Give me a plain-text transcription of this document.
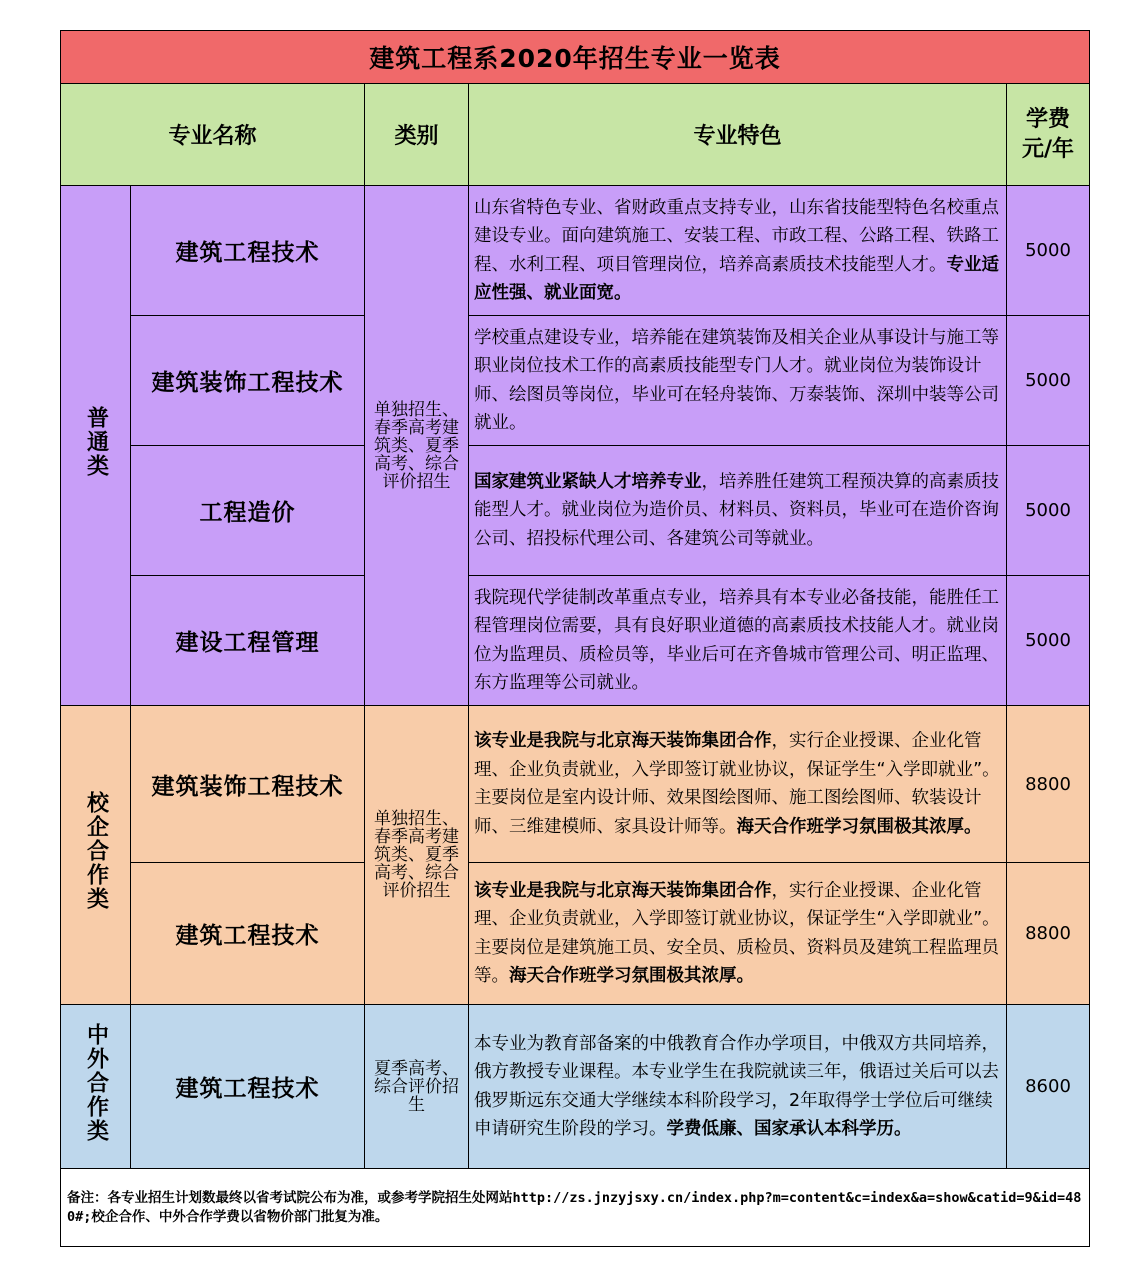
建筑工程系2020年招生专业一览表				
专业名称		类别	专业特色	学费
元/年
普通类	建筑工程技术	单独招生、春季高考建筑类、夏季高考、综合评价招生	山东省特色专业、省财政重点支持专业，山东省技能型特色名校重点建设专业。面向建筑施工、安装工程、市政工程、公路工程、铁路工程、水利工程、项目管理岗位，培养高素质技术技能型人才。专业适应性强、就业面宽。	5000
	建筑装饰工程技术		学校重点建设专业，培养能在建筑装饰及相关企业从事设计与施工等职业岗位技术工作的高素质技能型专门人才。就业岗位为装饰设计师、绘图员等岗位，毕业可在轻舟装饰、万泰装饰、深圳中装等公司就业。	5000
	工程造价		国家建筑业紧缺人才培养专业，培养胜任建筑工程预决算的高素质技能型人才。就业岗位为造价员、材料员、资料员，毕业可在造价咨询公司、招投标代理公司、各建筑公司等就业。	5000
	建设工程管理		我院现代学徒制改革重点专业，培养具有本专业必备技能，能胜任工程管理岗位需要，具有良好职业道德的高素质技术技能人才。就业岗位为监理员、质检员等，毕业后可在齐鲁城市管理公司、明正监理、东方监理等公司就业。	5000
校企合作类	建筑装饰工程技术	单独招生、春季高考建筑类、夏季高考、综合评价招生	该专业是我院与北京海天装饰集团合作，实行企业授课、企业化管理、企业负责就业，入学即签订就业协议，保证学生“入学即就业”。 主要岗位是室内设计师、效果图绘图师、施工图绘图师、软装设计师、三维建模师、家具设计师等。海天合作班学习氛围极其浓厚。	8800
	建筑工程技术		该专业是我院与北京海天装饰集团合作，实行企业授课、企业化管理、企业负责就业，入学即签订就业协议，保证学生“入学即就业”。 主要岗位是建筑施工员、安全员、质检员、资料员及建筑工程监理员等。海天合作班学习氛围极其浓厚。	8800
中外合作类	建筑工程技术	夏季高考、综合评价招生	本专业为教育部备案的中俄教育合作办学项目，中俄双方共同培养，俄方教授专业课程。本专业学生在我院就读三年，俄语过关后可以去俄罗斯远东交通大学继续本科阶段学习，2年取得学士学位后可继续申请研究生阶段的学习。学费低廉、国家承认本科学历。	8600
备注：各专业招生计划数最终以省考试院公布为准，或参考学院招生处网站http://zs.jnzyjsxy.cn/index.php?m=content&c=index&a=show&catid=9&id=480#;校企合作、中外合作学费以省物价部门批复为准。				
